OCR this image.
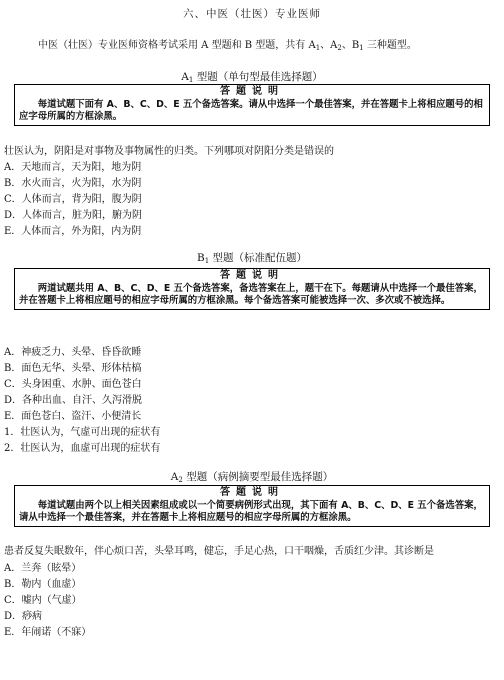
六、中医（壮医）专业医师
中医（壮医）专业医师资格考试采用 A 型题和 B 型题，共有 $A_1$、$A_2$、$B_1$ 三种题型。
$A_1$ 型题（单句型最佳选择题）
答题说明
每道试题下面有 A、B、C、D、E 五个备选答案。请从中选择一个最佳答案，并在答题卡上将相应题号的相应字母所属的方框涂黑。
壮医认为，阴阳是对事物及事物属性的归类。下列哪项对阴阳分类是错误的
A．天地而言，天为阳，地为阴
B．水火而言，火为阳，水为阴
C．人体而言，背为阳，腹为阴
D．人体而言，脏为阳，腑为阴
E．人体而言，外为阳，内为阴
$B_1$ 型题（标准配伍题）
答题说明
两道试题共用 A、B、C、D、E 五个备选答案，备选答案在上，题干在下。每题请从中选择一个最佳答案，并在答题卡上将相应题号的相应字母所属的方框涂黑。每个备选答案可能被选择一次、多次或不被选择。
A．神疲乏力、头晕、昏昏欲睡
B．面色无华、头晕、形体枯槁
C．头身困重、水肿、面色苍白
D．各种出血、自汗、久泻滑脱
E．面色苍白、盗汗、小便清长
1．壮医认为，气虚可出现的症状有
2．壮医认为，血虚可出现的症状有
$A_2$ 型题（病例摘要型最佳选择题）
答题说明
每道试题由两个以上相关因素组成或以一个简要病例形式出现，其下面有 A、B、C、D、E 五个备选答案，请从中选择一个最佳答案，并在答题卡上将相应题号的相应字母所属的方框涂黑。
患者反复失眠数年，伴心烦口苦，头晕耳鸣，健忘，手足心热，口干咽燥，舌质红少津。其诊断是
A．兰奔（眩晕）
B．勒内（血虚）
C．嘘内（气虚）
D．痧病
E．年闹诺（不寐）
